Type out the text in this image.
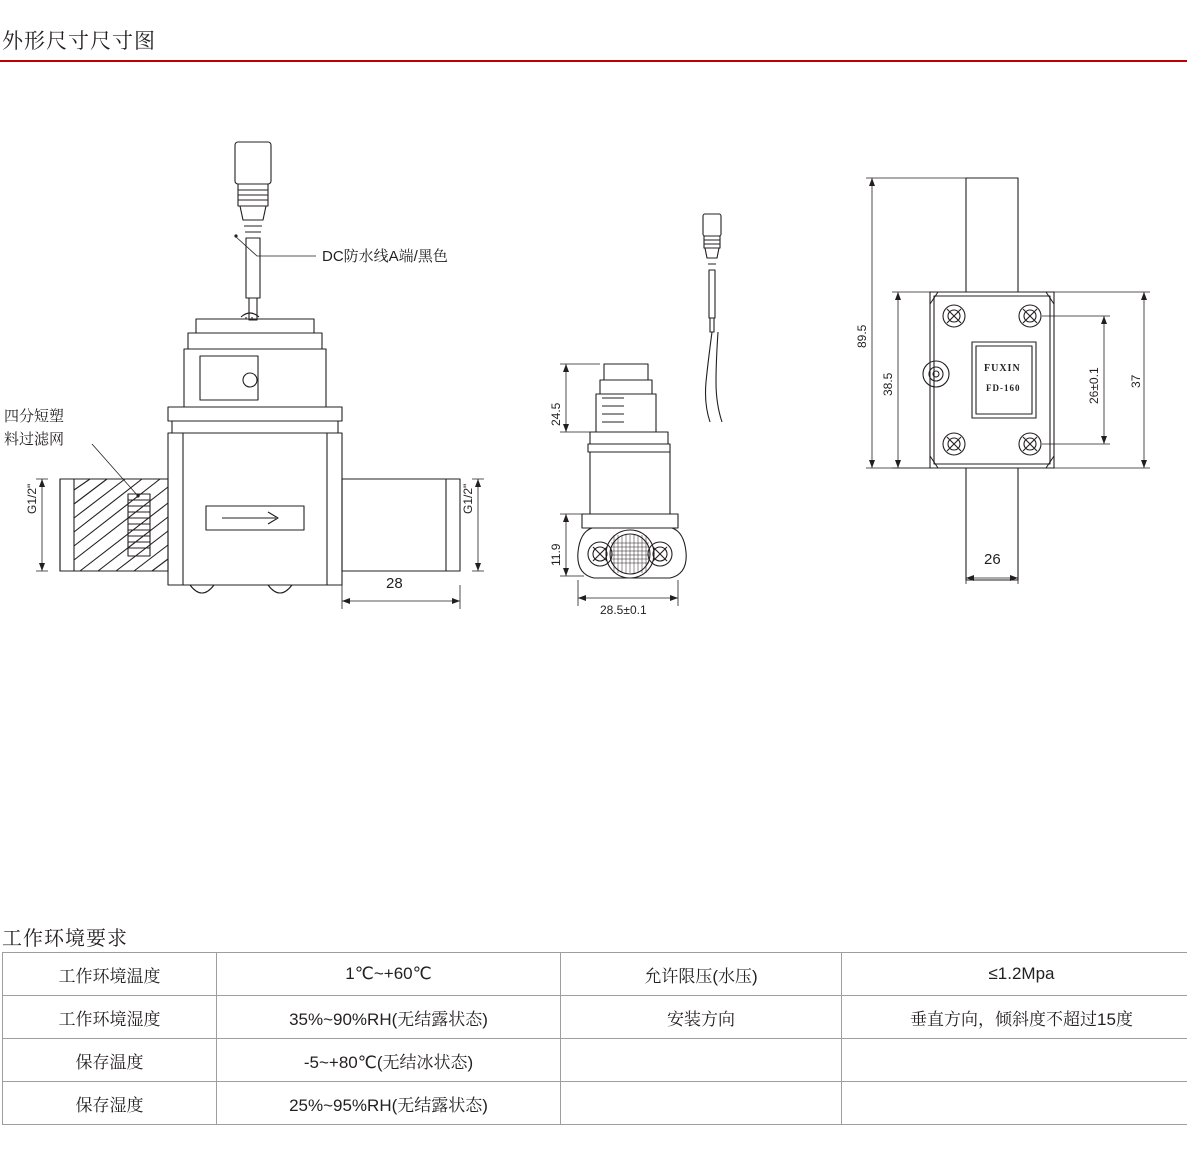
外形尺寸尺寸图
DC防水线A端/黑色
四分短塑
料过滤网
G1/2"	G1/2"
28
24.5
11.9
28.5±0.1
89.5
38.5	26±0.1 37
26
FUXIN
FD-160
工作环境要求
工作环境温度	1℃~+60℃	允许限压(水压)	≤1.2Mpa
工作环境湿度	35%~90%RH(无结露状态)	安装方向	垂直方向，倾斜度不超过15度
保存温度	-5~+80℃(无结冰状态)		
保存湿度	25%~95%RH(无结露状态)		
